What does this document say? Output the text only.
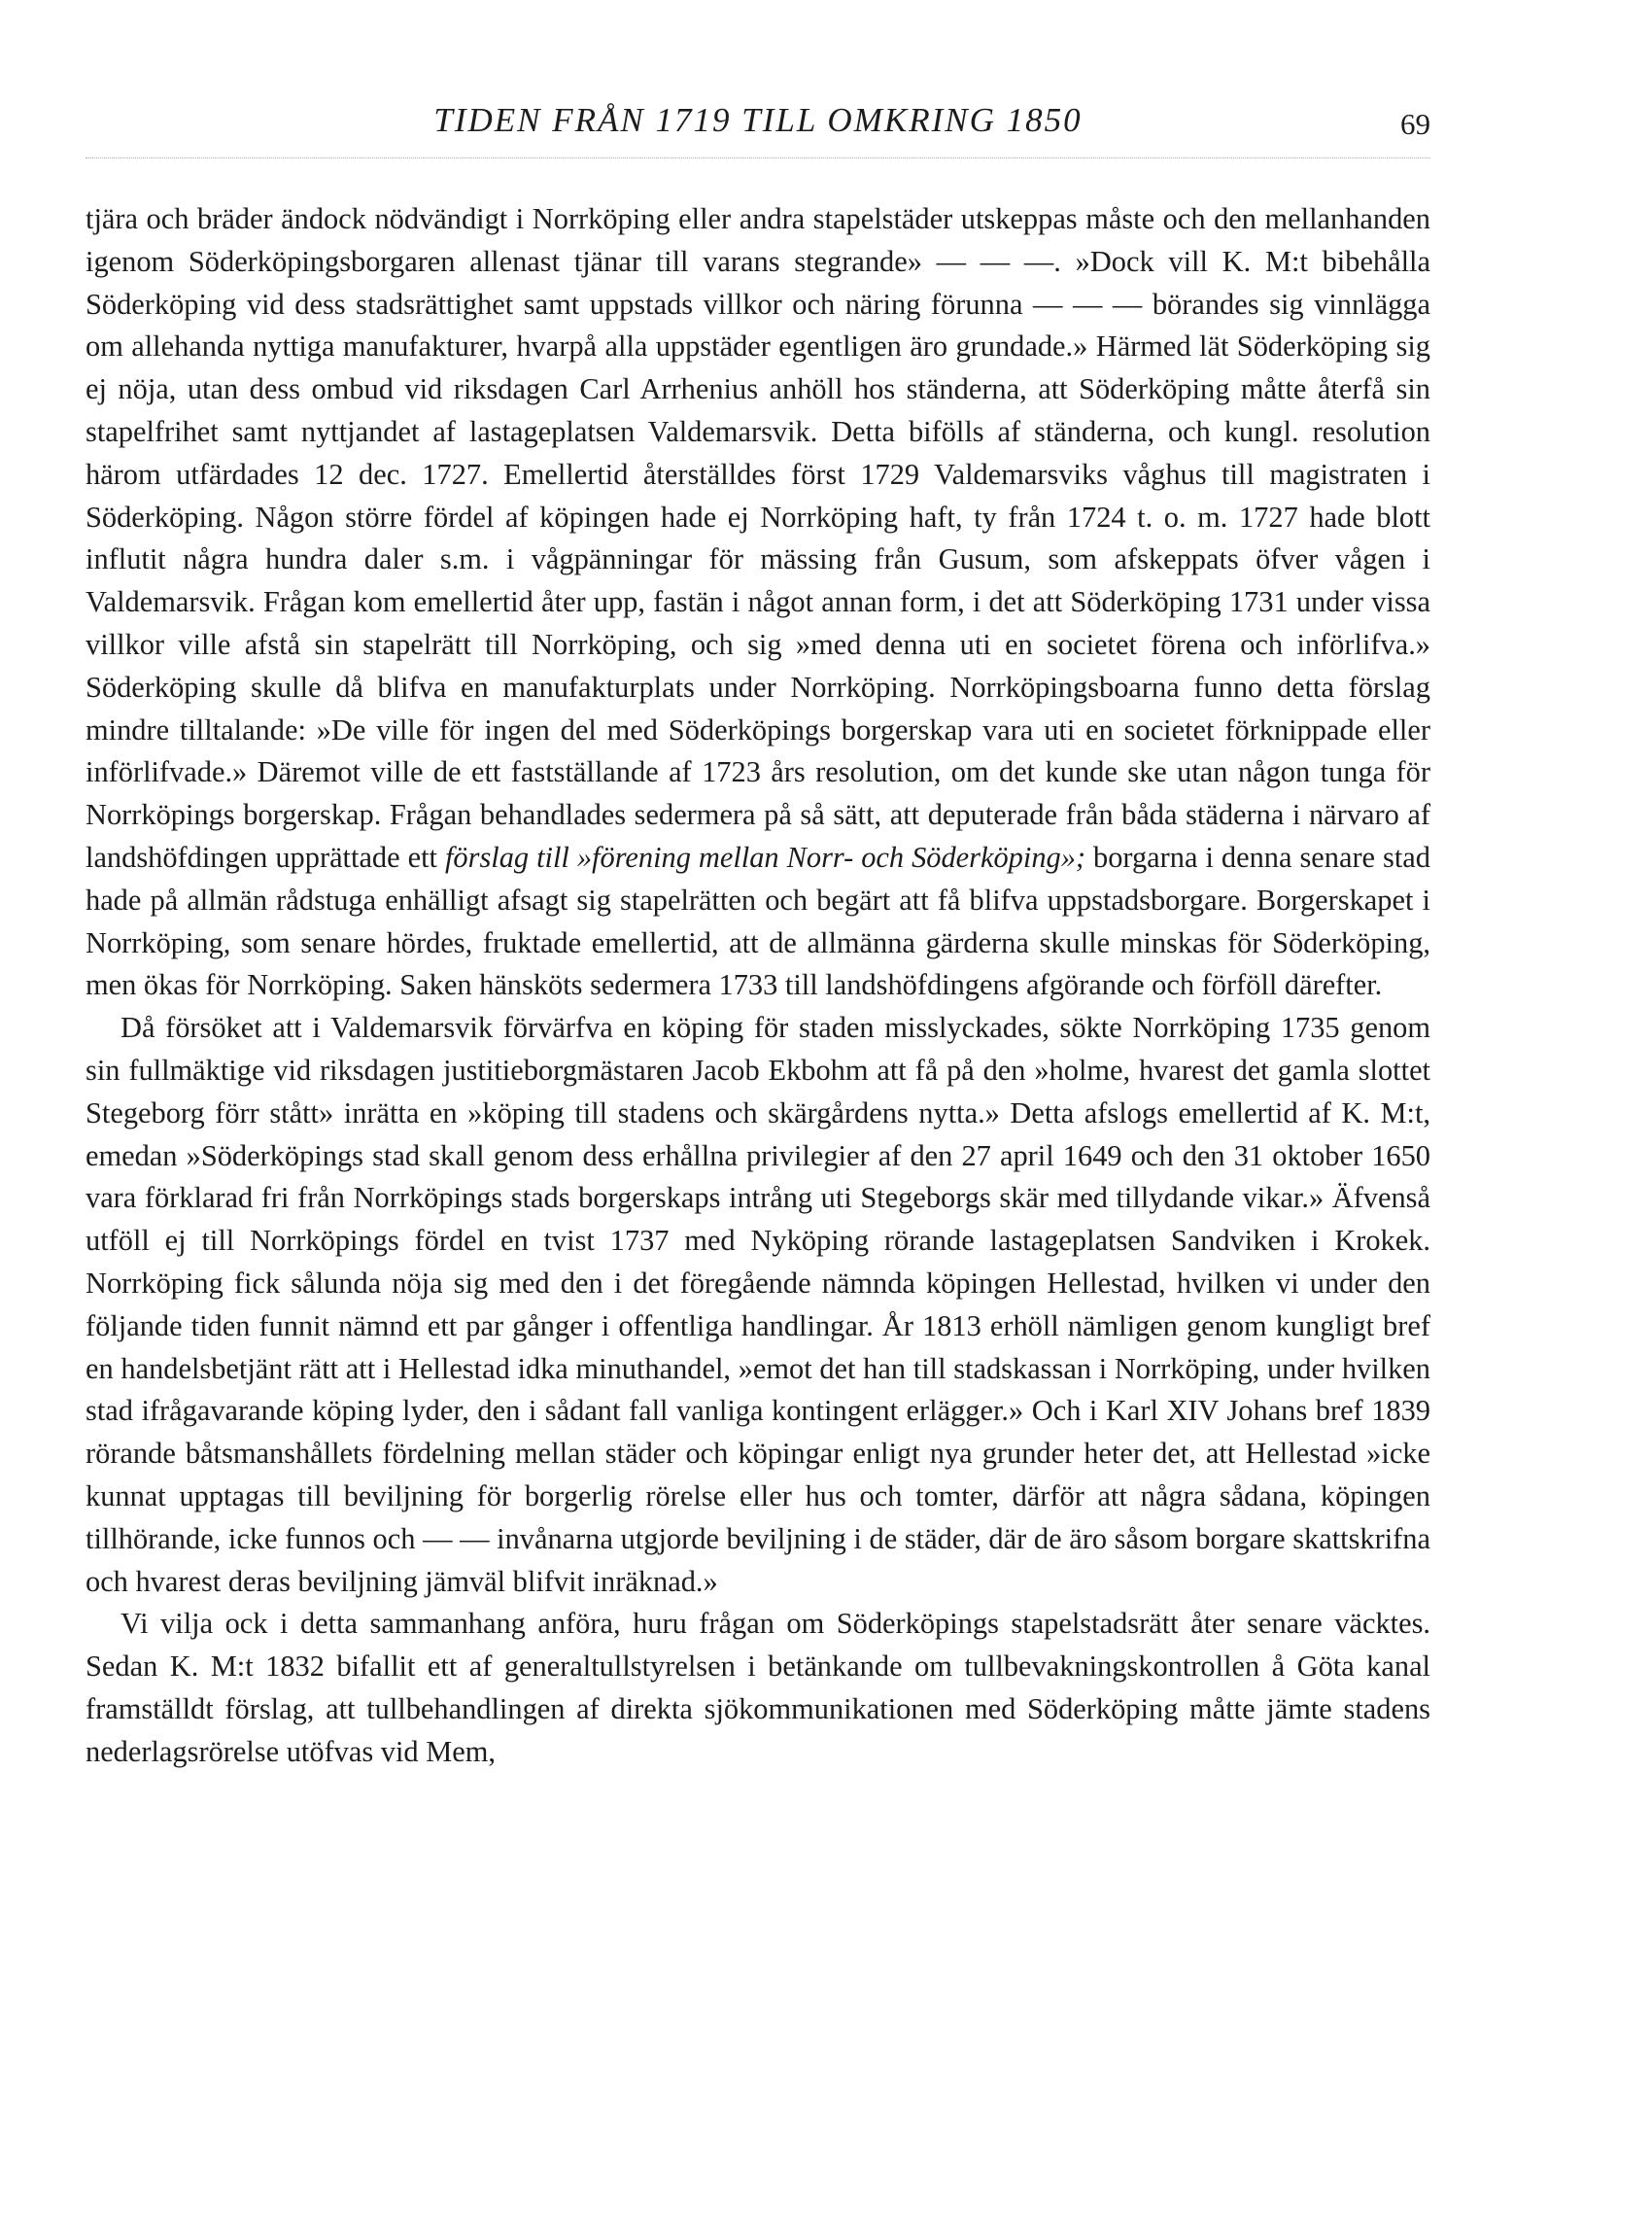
TIDEN FRÅN 1719 TILL OMKRING 1850	69

tjära och bräder ändock nödvändigt i Norrköping eller andra stapelstäder utskeppas måste och den mellanhanden igenom Söderköpingsborgaren allenast tjänar till varans stegrande» — — —. »Dock vill K. M:t bibehålla Söderköping vid dess stadsrättighet samt uppstads villkor och näring förunna — — — börandes sig vinnlägga om allehanda nyttiga manufakturer, hvarpå alla uppstäder egentligen äro grundade.» Härmed lät Söderköping sig ej nöja, utan dess ombud vid riksdagen Carl Arrhenius anhöll hos ständerna, att Söderköping måtte återfå sin stapelfrihet samt nyttjandet af lastageplatsen Valdemarsvik. Detta bifölls af ständerna, och kungl. resolution härom utfärdades 12 dec. 1727. Emellertid återställdes först 1729 Valdemarsviks våghus till magistraten i Söderköping. Någon större fördel af köpingen hade ej Norrköping haft, ty från 1724 t. o. m. 1727 hade blott influtit några hundra daler s.m. i vågpänningar för mässing från Gusum, som afskeppats öfver vågen i Valdemarsvik. Frågan kom emellertid åter upp, fastän i något annan form, i det att Söderköping 1731 under vissa villkor ville afstå sin stapelrätt till Norrköping, och sig »med denna uti en societet förena och införlifva.» Söderköping skulle då blifva en manufakturplats under Norrköping. Norrköpingsboarna funno detta förslag mindre tilltalande: »De ville för ingen del med Söderköpings borgerskap vara uti en societet förknippade eller införlifvade.» Däremot ville de ett fastställande af 1723 års resolution, om det kunde ske utan någon tunga för Norrköpings borgerskap. Frågan behandlades sedermera på så sätt, att deputerade från båda städerna i närvaro af landshöfdingen upprättade ett förslag till »förening mellan Norr- och Söderköping»; borgarna i denna senare stad hade på allmän rådstuga enhälligt afsagt sig stapelrätten och begärt att få blifva uppstadsborgare. Borgerskapet i Norrköping, som senare hördes, fruktade emellertid, att de allmänna gärderna skulle minskas för Söderköping, men ökas för Norrköping. Saken hänsköts sedermera 1733 till landshöfdingens afgörande och förföll därefter.

Då försöket att i Valdemarsvik förvärfva en köping för staden misslyckades, sökte Norrköping 1735 genom sin fullmäktige vid riksdagen justitieborgmästaren Jacob Ekbohm att få på den »holme, hvarest det gamla slottet Stegeborg förr stått» inrätta en »köping till stadens och skärgårdens nytta.» Detta afslogs emellertid af K. M:t, emedan »Söderköpings stad skall genom dess erhållna privilegier af den 27 april 1649 och den 31 oktober 1650 vara förklarad fri från Norrköpings stads borgerskaps intrång uti Stegeborgs skär med tillydande vikar.» Äfvenså utföll ej till Norrköpings fördel en tvist 1737 med Nyköping rörande lastageplatsen Sandviken i Krokek. Norrköping fick sålunda nöja sig med den i det föregående nämnda köpingen Hellestad, hvilken vi under den följande tiden funnit nämnd ett par gånger i offentliga handlingar. År 1813 erhöll nämligen genom kungligt bref en handelsbetjänt rätt att i Hellestad idka minuthandel, »emot det han till stadskassan i Norrköping, under hvilken stad ifrågavarande köping lyder, den i sådant fall vanliga kontingent erlägger.» Och i Karl XIV Johans bref 1839 rörande båtsmanshållets fördelning mellan städer och köpingar enligt nya grunder heter det, att Hellestad »icke kunnat upptagas till beviljning för borgerlig rörelse eller hus och tomter, därför att några sådana, köpingen tillhörande, icke funnos och — — invånarna utgjorde beviljning i de städer, där de äro såsom borgare skattskrifna och hvarest deras beviljning jämväl blifvit inräknad.»

Vi vilja ock i detta sammanhang anföra, huru frågan om Söderköpings stapelstadsrätt åter senare väcktes. Sedan K. M:t 1832 bifallit ett af generaltullstyrelsen i betänkande om tullbevakningskontrollen å Göta kanal framställdt förslag, att tullbehandlingen af direkta sjökommunikationen med Söderköping måtte jämte stadens nederlagsrörelse utöfvas vid Mem,
